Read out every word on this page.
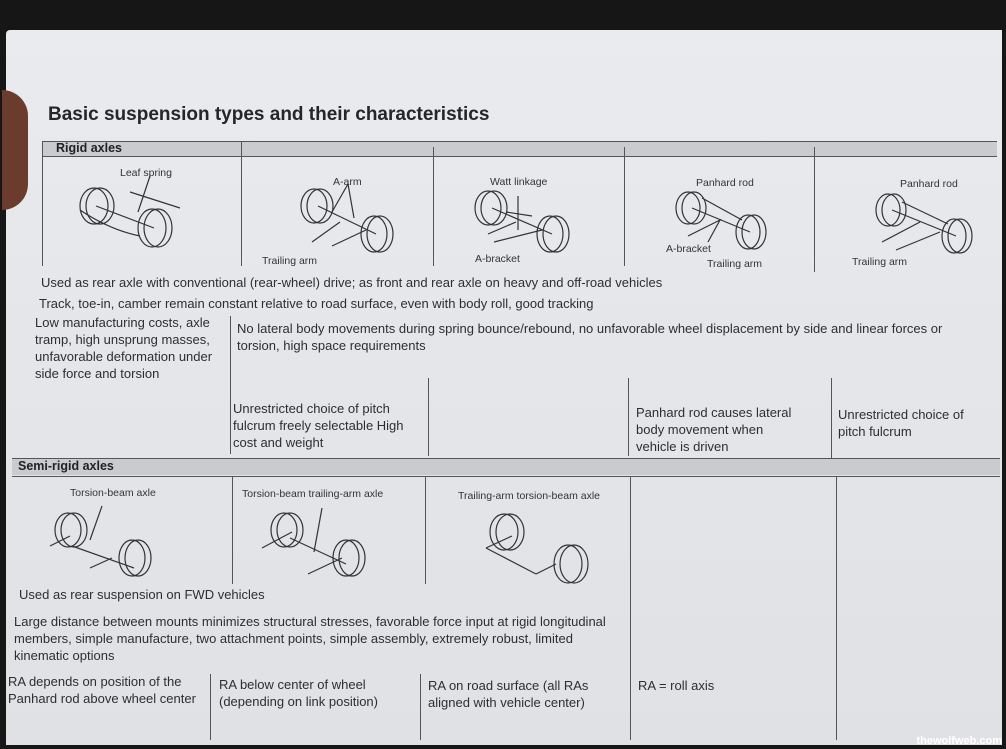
Basic suspension types and their characteristics
Rigid axles
Leaf spring
A-arm
Trailing arm
Watt linkage
A-bracket
Panhard rod
A-bracket
Trailing arm
Panhard rod
Trailing arm
Used as rear axle with conventional (rear-wheel) drive; as front and rear axle on heavy and off-road vehicles
Track, toe-in, camber remain constant relative to road surface, even with body roll, good tracking
Low manufacturing costs, axle tramp, high unsprung masses, unfavorable deformation under side force and torsion
No lateral body movements during spring bounce/rebound, no unfavorable wheel displacement by side and linear forces or torsion, high space requirements
Unrestricted choice of pitch fulcrum freely selectable High cost and weight
Panhard rod causes lateral body movement when vehicle is driven
Unrestricted choice of pitch fulcrum
Semi-rigid axles
Torsion-beam axle	Torsion-beam trailing-arm axle	Trailing-arm torsion-beam axle
Used as rear suspension on FWD vehicles
Large distance between mounts minimizes structural stresses, favorable force input at rigid longitudinal members, simple manufacture, two attachment points, simple assembly, extremely robust, limited kinematic options
RA depends on position of the Panhard rod above wheel center
RA below center of wheel (depending on link position)
RA on road surface (all RAs aligned with vehicle center)
RA = roll axis
thewolfweb.com
